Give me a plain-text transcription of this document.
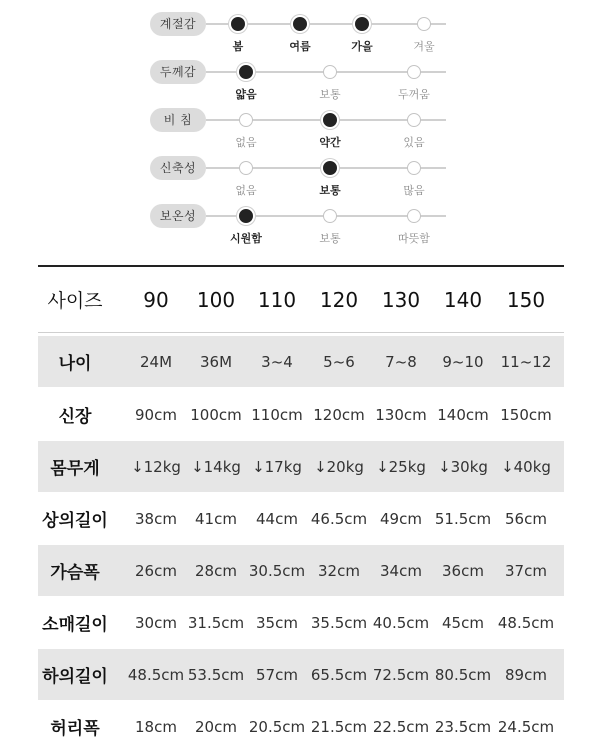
계절감
봄	여름	가을	겨울
두께감
얇음	보통	두꺼움
비 침
없음	약간	있음
신축성
없음	보통	많음
보온성
시원함	보통	따뜻함
사이즈	90	100	110	120	130	140	150
나이	24M	36M	3~4	5~6	7~8	9~10	11~12
신장	90cm 100cm 110cm 120cm 130cm 140cm 150cm
몸무게	↓12kg ↓14kg ↓17kg ↓20kg ↓25kg ↓30kg ↓40kg
상의길이	38cm	41cm	44cm 46.5cm 49cm 51.5cm 56cm
가슴폭	26cm	28cm 30.5cm 32cm	34cm	36cm	37cm
소매길이	30cm 31.5cm 35cm 35.5cm 40.5cm 45cm 48.5cm
하의길이	48.5cm 53.5cm 57cm 65.5cm 72.5cm 80.5cm 89cm
허리폭	18cm	20cm 20.5cm 21.5cm 22.5cm 23.5cm 24.5cm
